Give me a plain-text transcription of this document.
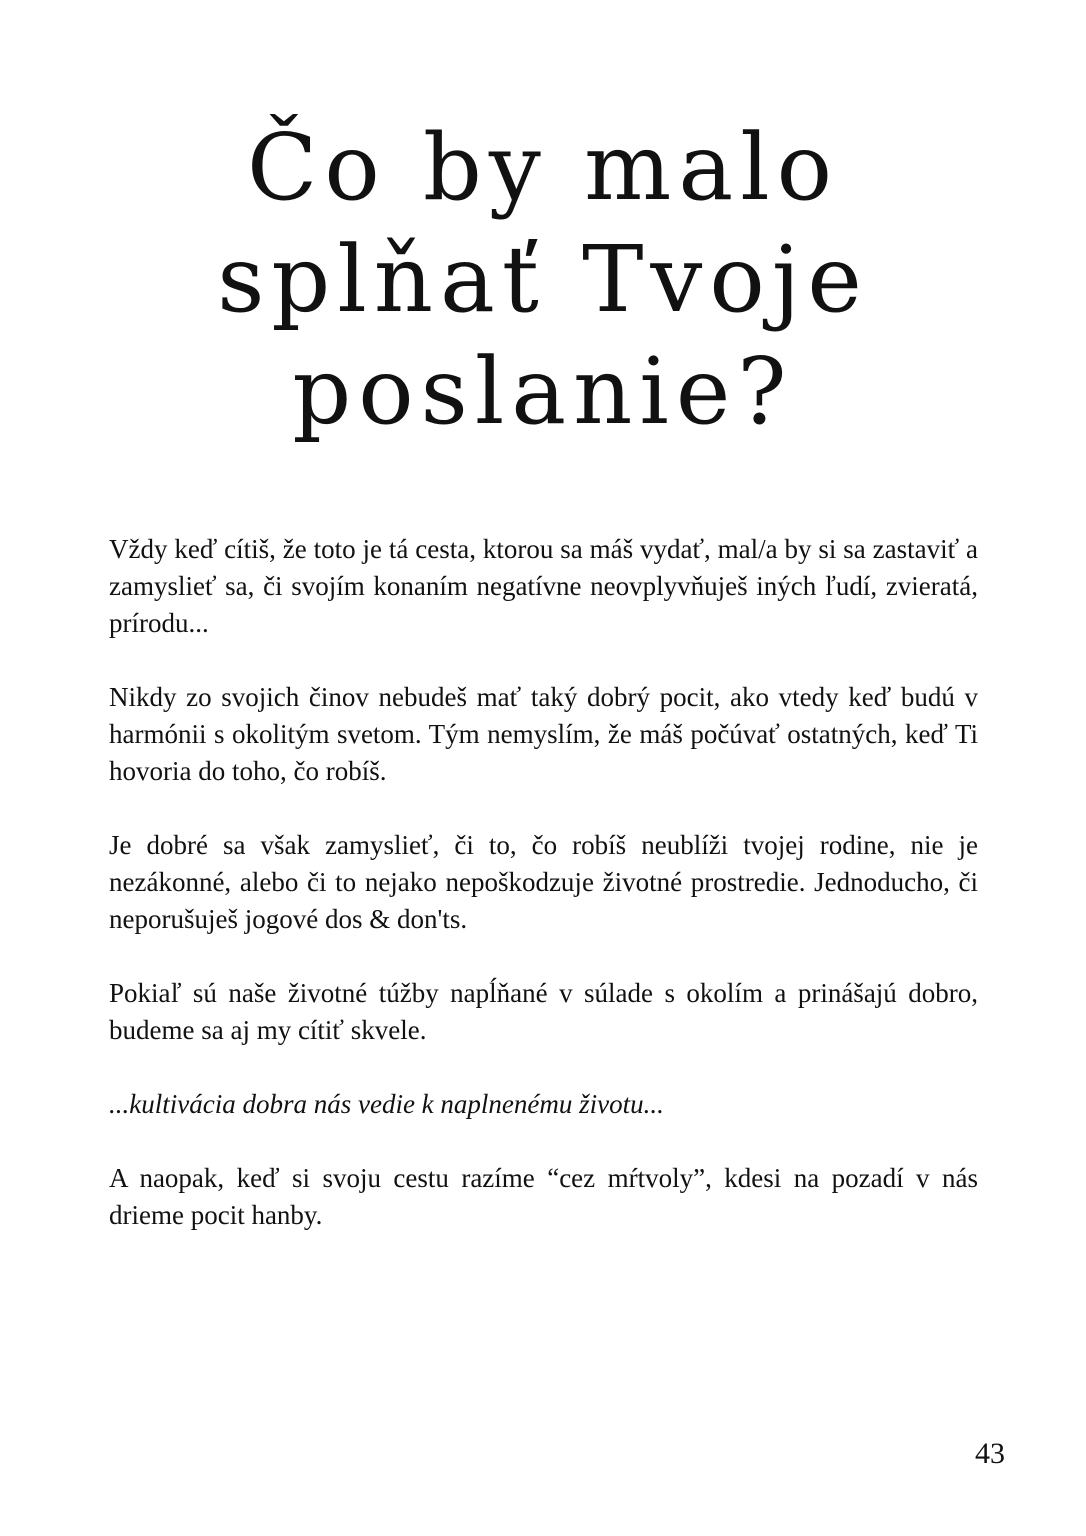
Čo by malo
splňať Tvoje
poslanie?

Vždy keď cítiš, že toto je tá cesta, ktorou sa máš vydať, mal/a by si sa zastaviť a zamyslieť sa, či svojím konaním negatívne neovplyvňuješ iných ľudí, zvieratá, prírodu...

Nikdy zo svojich činov nebudeš mať taký dobrý pocit, ako vtedy keď budú v harmónii s okolitým svetom. Tým nemyslím, že máš počúvať ostatných, keď Ti hovoria do toho, čo robíš.

Je dobré sa však zamyslieť, či to, čo robíš neublíži tvojej rodine, nie je nezákonné, alebo či to nejako nepoškodzuje životné prostredie. Jednoducho, či neporušuješ jogové dos & don'ts.

Pokiaľ sú naše životné túžby napĺňané v súlade s okolím a prinášajú dobro, budeme sa aj my cítiť skvele.

...kultivácia dobra nás vedie k naplnenému životu...

A naopak, keď si svoju cestu razíme “cez mŕtvoly”, kdesi na pozadí v nás drieme pocit hanby.

43
